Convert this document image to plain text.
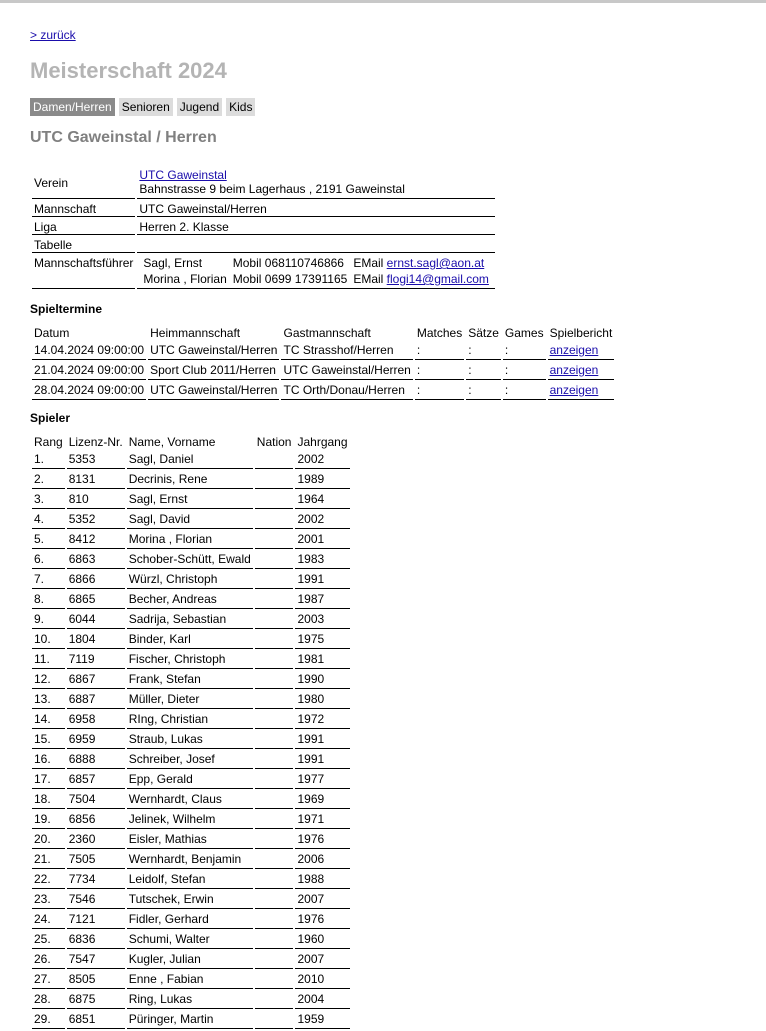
> zurück
Meisterschaft 2024
Damen/Herren Senioren Jugend Kids
UTC Gaweinstal / Herren
Verein	UTC Gaweinstal
Bahnstrasse 9 beim Lagerhaus , 2191 Gaweinstal
Mannschaft	UTC Gaweinstal/Herren
Liga	Herren 2. Klasse
Tabelle	
Mannschaftsführer	Sagl, Ernst	Mobil 068110746866	EMail ernst.sagl@aon.at
Morina , Florian	Mobil 0699 17391165	EMail flogi14@gmail.com
Spieltermine
Datum	Heimmannschaft	Gastmannschaft	Matches	Sätze	Games	Spielbericht
14.04.2024 09:00:00	UTC Gaweinstal/Herren	TC Strasshof/Herren	:	:	:	anzeigen
21.04.2024 09:00:00	Sport Club 2011/Herren	UTC Gaweinstal/Herren	:	:	:	anzeigen
28.04.2024 09:00:00	UTC Gaweinstal/Herren	TC Orth/Donau/Herren	:	:	:	anzeigen
Spieler
Rang	Lizenz-Nr.	Name, Vorname	Nation	Jahrgang
1.	5353	Sagl, Daniel		2002
2.	8131	Decrinis, Rene		1989
3.	810	Sagl, Ernst		1964
4.	5352	Sagl, David		2002
5.	8412	Morina , Florian		2001
6.	6863	Schober-Schütt, Ewald		1983
7.	6866	Würzl, Christoph		1991
8.	6865	Becher, Andreas		1987
9.	6044	Sadrija, Sebastian		2003
10.	1804	Binder, Karl		1975
11.	7119	Fischer, Christoph		1981
12.	6867	Frank, Stefan		1990
13.	6887	Müller, Dieter		1980
14.	6958	RIng, Christian		1972
15.	6959	Straub, Lukas		1991
16.	6888	Schreiber, Josef		1991
17.	6857	Epp, Gerald		1977
18.	7504	Wernhardt, Claus		1969
19.	6856	Jelinek, Wilhelm		1971
20.	2360	Eisler, Mathias		1976
21.	7505	Wernhardt, Benjamin		2006
22.	7734	Leidolf, Stefan		1988
23.	7546	Tutschek, Erwin		2007
24.	7121	Fidler, Gerhard		1976
25.	6836	Schumi, Walter		1960
26.	7547	Kugler, Julian		2007
27.	8505	Enne , Fabian		2010
28.	6875	Ring, Lukas		2004
29.	6851	Püringer, Martin		1959
